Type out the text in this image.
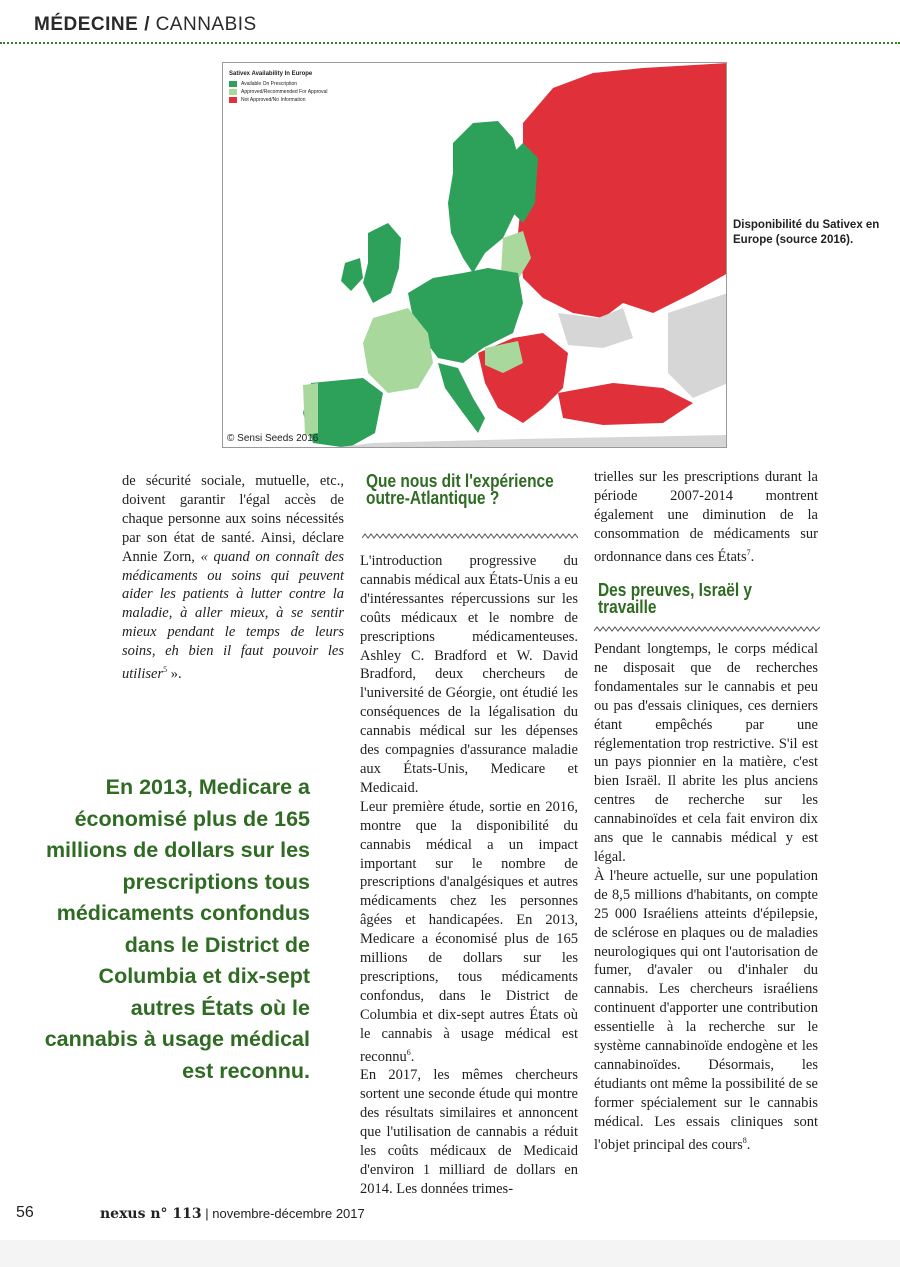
MÉDECINE / CANNABIS
Sativex Availability In Europe
Available On Prescription
Approved/Recommended For Approval
Not Approved/No Information
© Sensi Seeds 2016
Disponibilité du Sativex en Europe (source 2016).

de sécurité sociale, mutuelle, etc., doivent garantir l'égal accès de chaque personne aux soins nécessités par son état de santé. Ainsi, déclare Annie Zorn, « quand on connaît des médicaments ou soins qui peuvent aider les patients à lutter contre la maladie, à aller mieux, à se sentir mieux pendant le temps de leurs soins, eh bien il faut pouvoir les utiliser$^5$ ».

En 2013, Medicare a économisé plus de 165 millions de dollars sur les prescriptions tous médicaments confondus dans le District de Columbia et dix-sept autres États où le cannabis à usage médical est reconnu.
Que nous dit l'expérience outre-Atlantique ?

L'introduction progressive du cannabis médical aux États-Unis a eu d'intéressantes répercussions sur les coûts médicaux et le nombre de prescriptions médicamenteuses. Ashley C. Bradford et W. David Bradford, deux chercheurs de l'université de Géorgie, ont étudié les conséquences de la légalisation du cannabis médical sur les dépenses des compagnies d'assurance maladie aux États-Unis, Medicare et Medicaid.

Leur première étude, sortie en 2016, montre que la disponibilité du cannabis médical a un impact important sur le nombre de prescriptions d'analgésiques et autres médicaments chez les personnes âgées et handicapées. En 2013, Medicare a économisé plus de 165 millions de dollars sur les prescriptions, tous médicaments confondus, dans le District de Columbia et dix-sept autres États où le cannabis à usage médical est reconnu$^6$.

En 2017, les mêmes chercheurs sortent une seconde étude qui montre des résultats similaires et annoncent que l'utilisation de cannabis a réduit les coûts médicaux de Medicaid d'environ 1 milliard de dollars en 2014. Les données trimes-

trielles sur les prescriptions durant la période 2007-2014 montrent également une diminution de la consommation de médicaments sur ordonnance dans ces États$^7$.

Des preuves, Israël y travaille

Pendant longtemps, le corps médical ne disposait que de recherches fondamentales sur le cannabis et peu ou pas d'essais cliniques, ces derniers étant empêchés par une réglementation trop restrictive. S'il est un pays pionnier en la matière, c'est bien Israël. Il abrite les plus anciens centres de recherche sur les cannabinoïdes et cela fait environ dix ans que le cannabis médical y est légal.

À l'heure actuelle, sur une population de 8,5 millions d'habitants, on compte 25 000 Israéliens atteints d'épilepsie, de sclérose en plaques ou de maladies neurologiques qui ont l'autorisation de fumer, d'avaler ou d'inhaler du cannabis. Les chercheurs israéliens continuent d'apporter une contribution essentielle à la recherche sur le système cannabinoïde endogène et les cannabinoïdes. Désormais, les étudiants ont même la possibilité de se former spécialement sur le cannabis médical. Les essais cliniques sont l'objet principal des cours$^8$.

56	nexus n° 113 | novembre-décembre 2017
